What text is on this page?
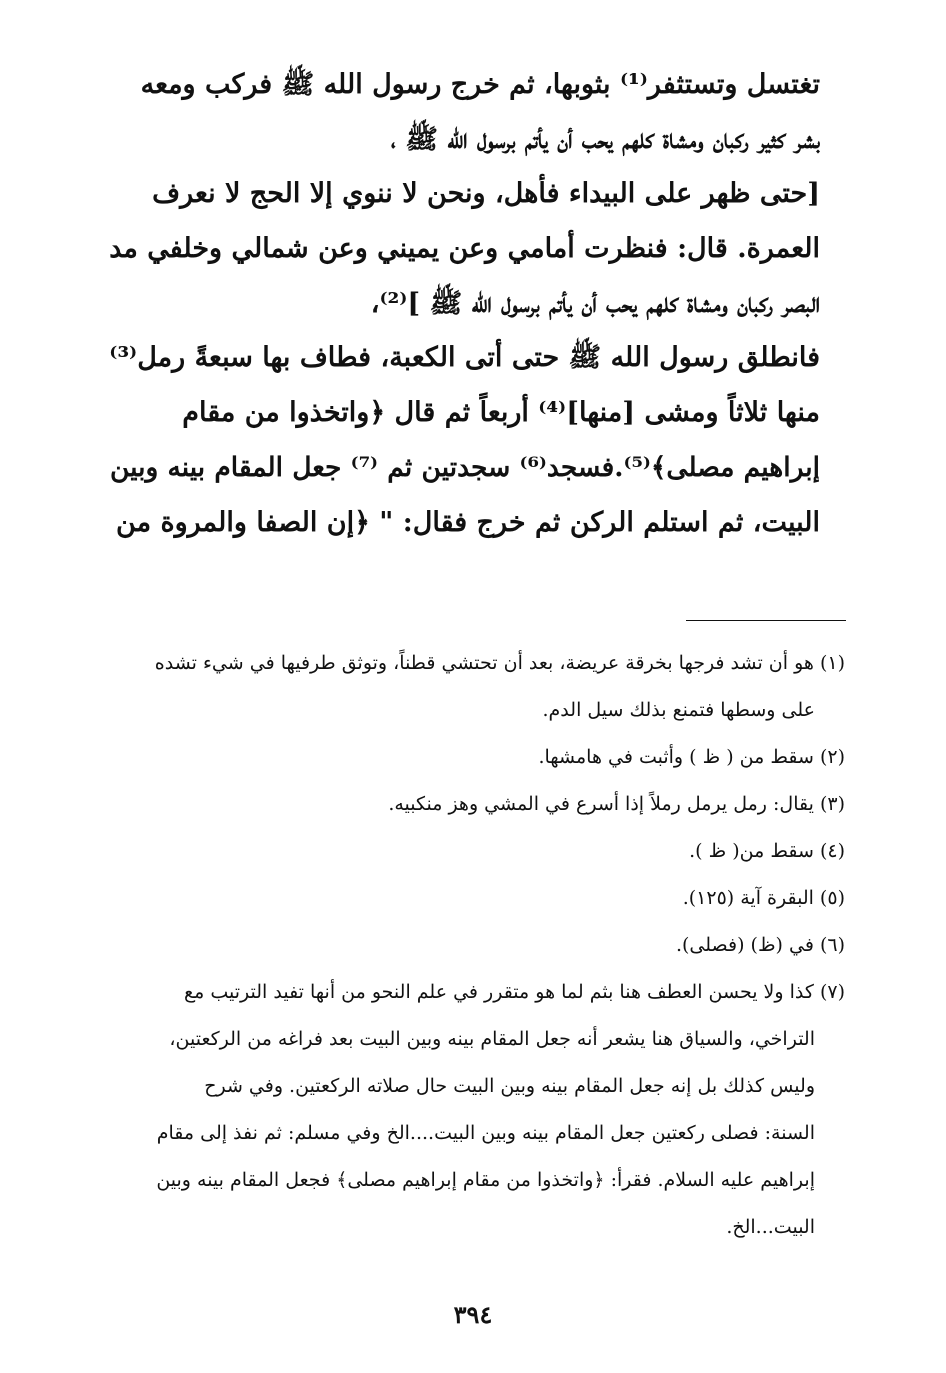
تغتسل وتستثفر⁽¹⁾ بثوبها، ثم خرج رسول الله ﷺ فركب ومعه
بشر كثير ركبان ومشاة كلهم يحب أن يأتم برسول الله ﷺ ،
[حتى ظهر على البيداء فأهل، ونحن لا ننوي إلا الحج لا نعرف
العمرة. قال: فنظرت أمامي وعن يميني وعن شمالي وخلفي مد
البصر ركبان ومشاة كلهم يحب أن يأتم برسول الله ﷺ ]⁽²⁾،
فانطلق رسول الله ﷺ حتى أتى الكعبة، فطاف بها سبعةً رمل⁽³⁾
منها ثلاثاً ومشى [منها]⁽⁴⁾ أربعاً ثم قال ﴿واتخذوا من مقام
إبراهيم مصلى﴾⁽⁵⁾.فسجد⁽⁶⁾ سجدتين ثم ⁽⁷⁾ جعل المقام بينه وبين
البيت، ثم استلم الركن ثم خرج فقال: " ﴿إن الصفا والمروة من
(١) هو أن تشد فرجها بخرقة عريضة، بعد أن تحتشي قطناً، وتوثق طرفيها في شيء تشده
على وسطها فتمنع بذلك سيل الدم.
(٢) سقط من ( ظ ) وأثبت في هامشها.
(٣) يقال: رمل يرمل رملاً إذا أسرع في المشي وهز منكبيه.
(٤) سقط من( ظ ).
(٥) البقرة آية (١٢٥).
(٦) في (ظ) (فصلى).
(٧) كذا ولا يحسن العطف هنا بثم لما هو متقرر في علم النحو من أنها تفيد الترتيب مع
التراخي، والسياق هنا يشعر أنه جعل المقام بينه وبين البيت بعد فراغه من الركعتين،
وليس كذلك بل إنه جعل المقام بينه وبين البيت حال صلاته الركعتين. وفي شرح
السنة: فصلى ركعتين جعل المقام بينه وبين البيت....الخ وفي مسلم: ثم نفذ إلى مقام
إبراهيم عليه السلام. فقرأ: ﴿واتخذوا من مقام إبراهيم مصلى﴾ فجعل المقام بينه وبين
البيت...الخ.
٣٩٤
